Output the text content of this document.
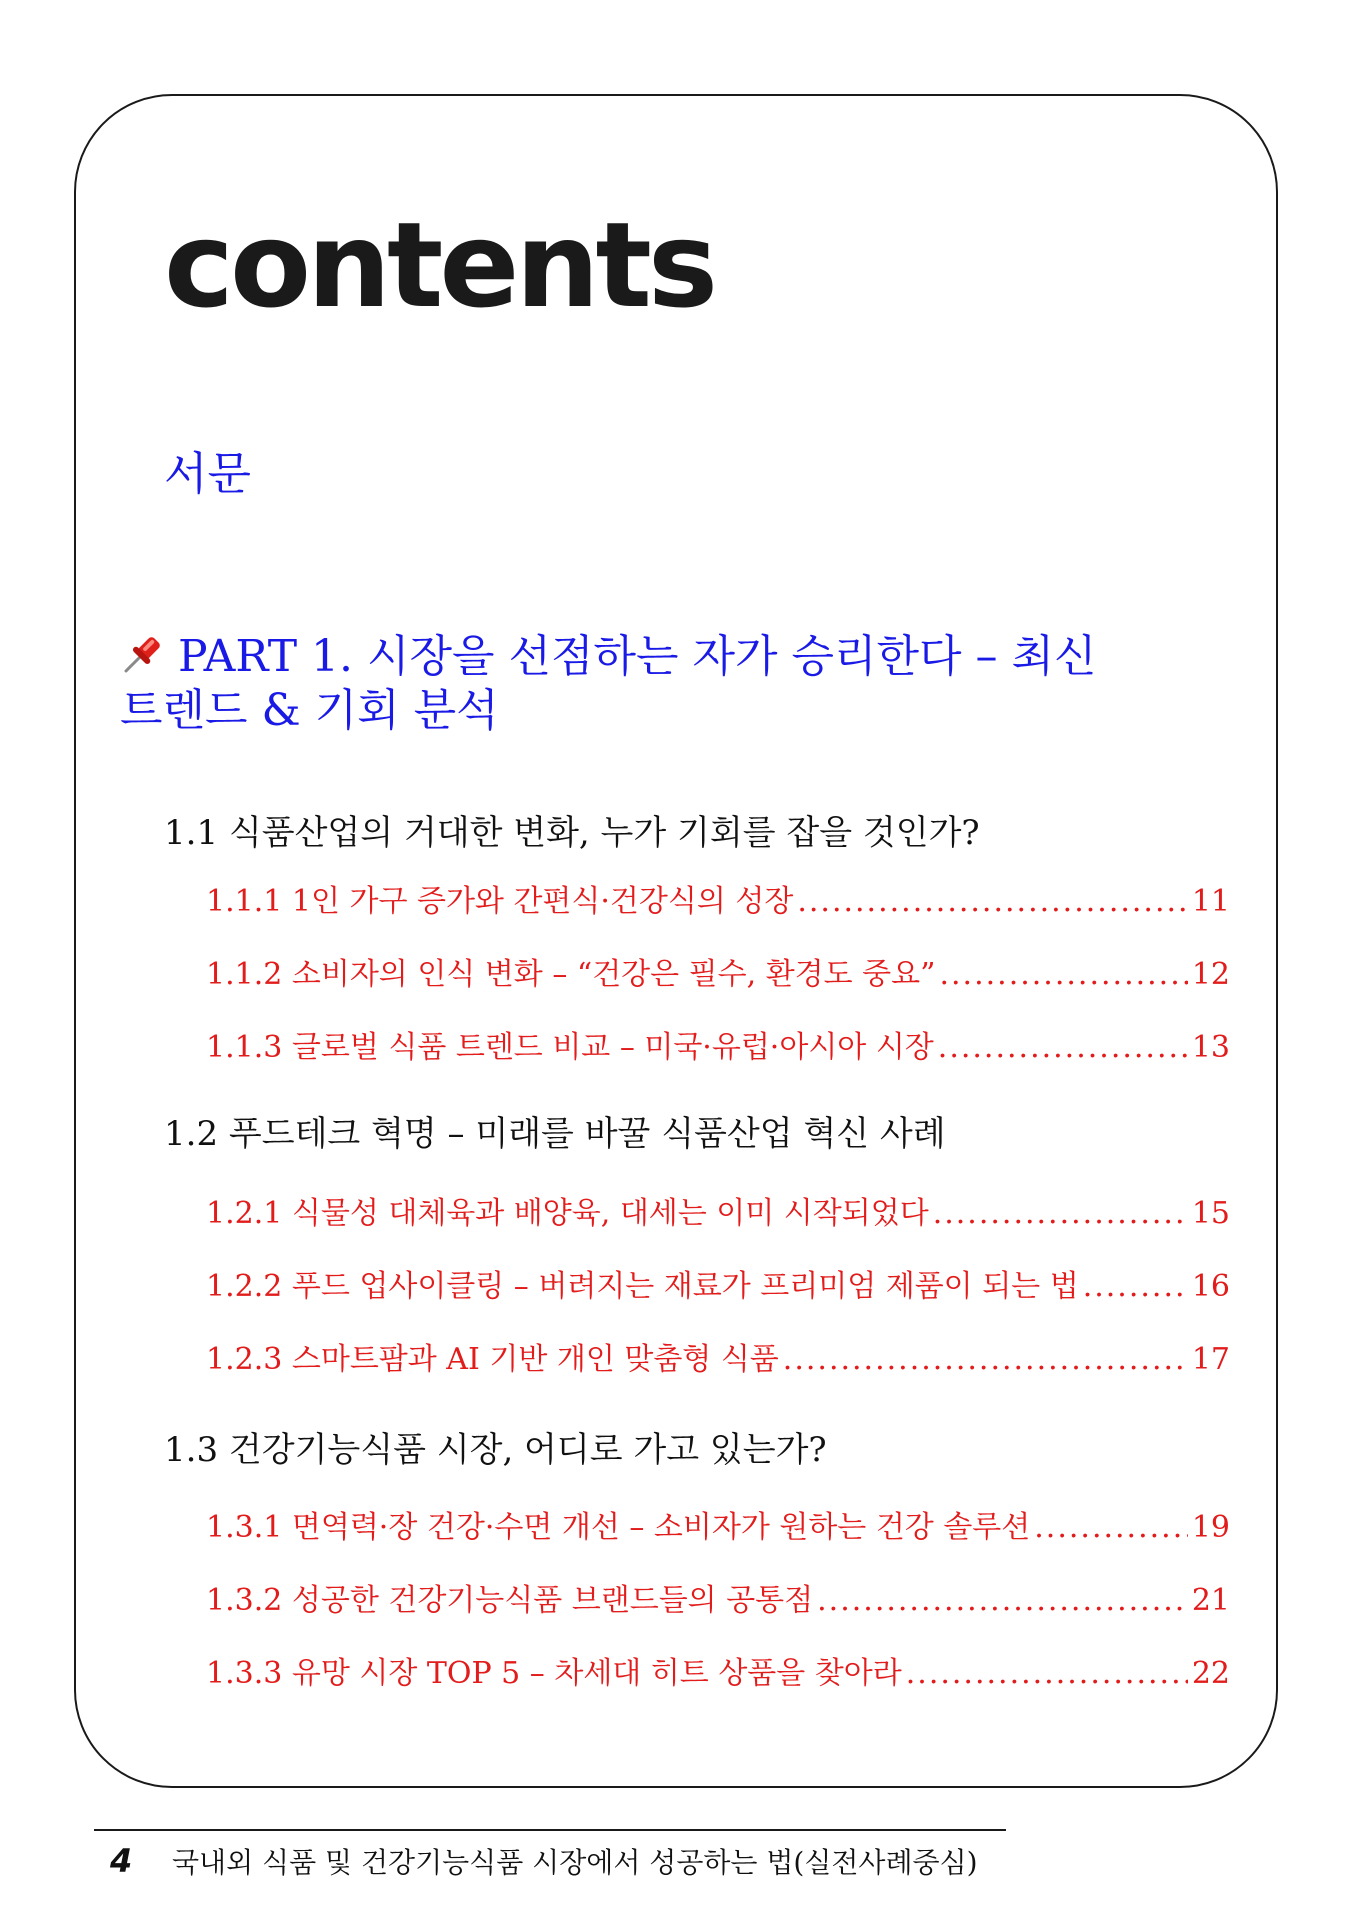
contents
서문
PART 1. 시장을 선점하는 자가 승리한다 – 최신 트렌드 & 기회 분석
1.1 식품산업의 거대한 변화, 누가 기회를 잡을 것인가?
1.1.1 1인 가구 증가와 간편식·건강식의 성장 .....	11
1.1.2 소비자의 인식 변화 – “건강은 필수, 환경도 중요” .....	12
1.1.3 글로벌 식품 트렌드 비교 – 미국·유럽·아시아 시장 .....	13
1.2 푸드테크 혁명 – 미래를 바꿀 식품산업 혁신 사례
1.2.1 식물성 대체육과 배양육, 대세는 이미 시작되었다 .....	15
1.2.2 푸드 업사이클링 – 버려지는 재료가 프리미엄 제품이 되는 법 .....	16
1.2.3 스마트팜과 AI 기반 개인 맞춤형 식품 .....	17
1.3 건강기능식품 시장, 어디로 가고 있는가?
1.3.1 면역력·장 건강·수면 개선 – 소비자가 원하는 건강 솔루션 .....	19
1.3.2 성공한 건강기능식품 브랜드들의 공통점 .....	21
1.3.3 유망 시장 TOP 5 – 차세대 히트 상품을 찾아라 .....	22
4 국내외 식품 및 건강기능식품 시장에서 성공하는 법(실전사례중심)
